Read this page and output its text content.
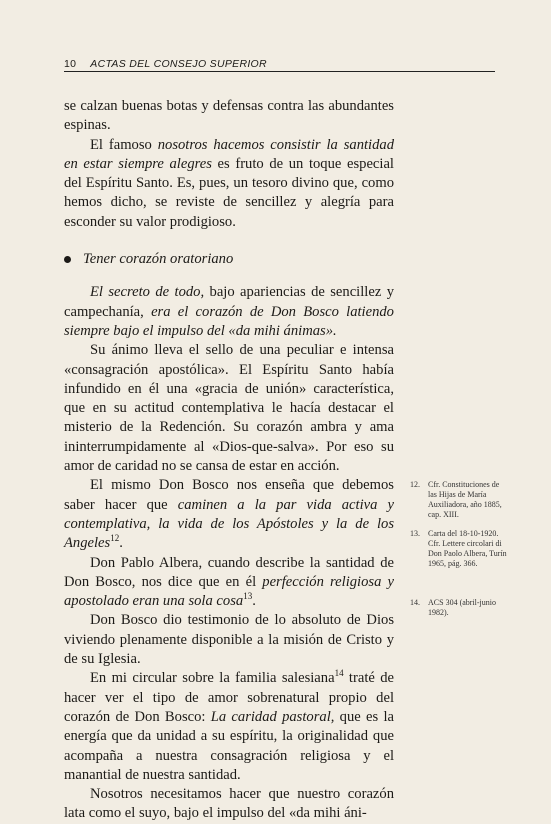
10 ACTAS DEL CONSEJO SUPERIOR

se calzan buenas botas y defensas contra las abundantes espinas.

El famoso nosotros hacemos consistir la santidad en estar siempre alegres es fruto de un toque especial del Espíritu Santo. Es, pues, un tesoro divino que, como hemos dicho, se reviste de sencillez y alegría para esconder su valor prodigioso.

Tener corazón oratoriano

El secreto de todo, bajo apariencias de sencillez y campechanía, era el corazón de Don Bosco latiendo siempre bajo el impulso del «da mihi ánimas».

Su ánimo lleva el sello de una peculiar e intensa «consagración apostólica». El Espíritu Santo había infundido en él una «gracia de unión» característica, que en su actitud contemplativa le hacía destacar el misterio de la Redención. Su corazón ambra y ama ininterrumpidamente al «Dios-que-salva». Por eso su amor de caridad no se cansa de estar en acción.

El mismo Don Bosco nos enseña que debemos saber hacer que caminen a la par vida activa y contemplativa, la vida de los Apóstoles y la de los Angeles$^{12}$.

Don Pablo Albera, cuando describe la santidad de Don Bosco, nos dice que en él perfección religiosa y apostolado eran una sola cosa$^{13}$.

Don Bosco dio testimonio de lo absoluto de Dios viviendo plenamente disponible a la misión de Cristo y de su Iglesia.

En mi circular sobre la familia salesiana$^{14}$ traté de hacer ver el tipo de amor sobrenatural propio del corazón de Don Bosco: La caridad pastoral, que es la energía que da unidad a su espíritu, la originalidad que acompaña a nuestra consagración religiosa y el manantial de nuestra santidad.

Nosotros necesitamos hacer que nuestro corazón lata como el suyo, bajo el impulso del «da mihi áni-

12. Cfr. Constituciones de las Hijas de María Auxiliadora, año 1885, cap. XIII.
13. Carta del 18-10-1920. Cfr. Lettere circolari di Don Paolo Albera, Turín 1965, pág. 366.
14. ACS 304 (abril-junio 1982).
